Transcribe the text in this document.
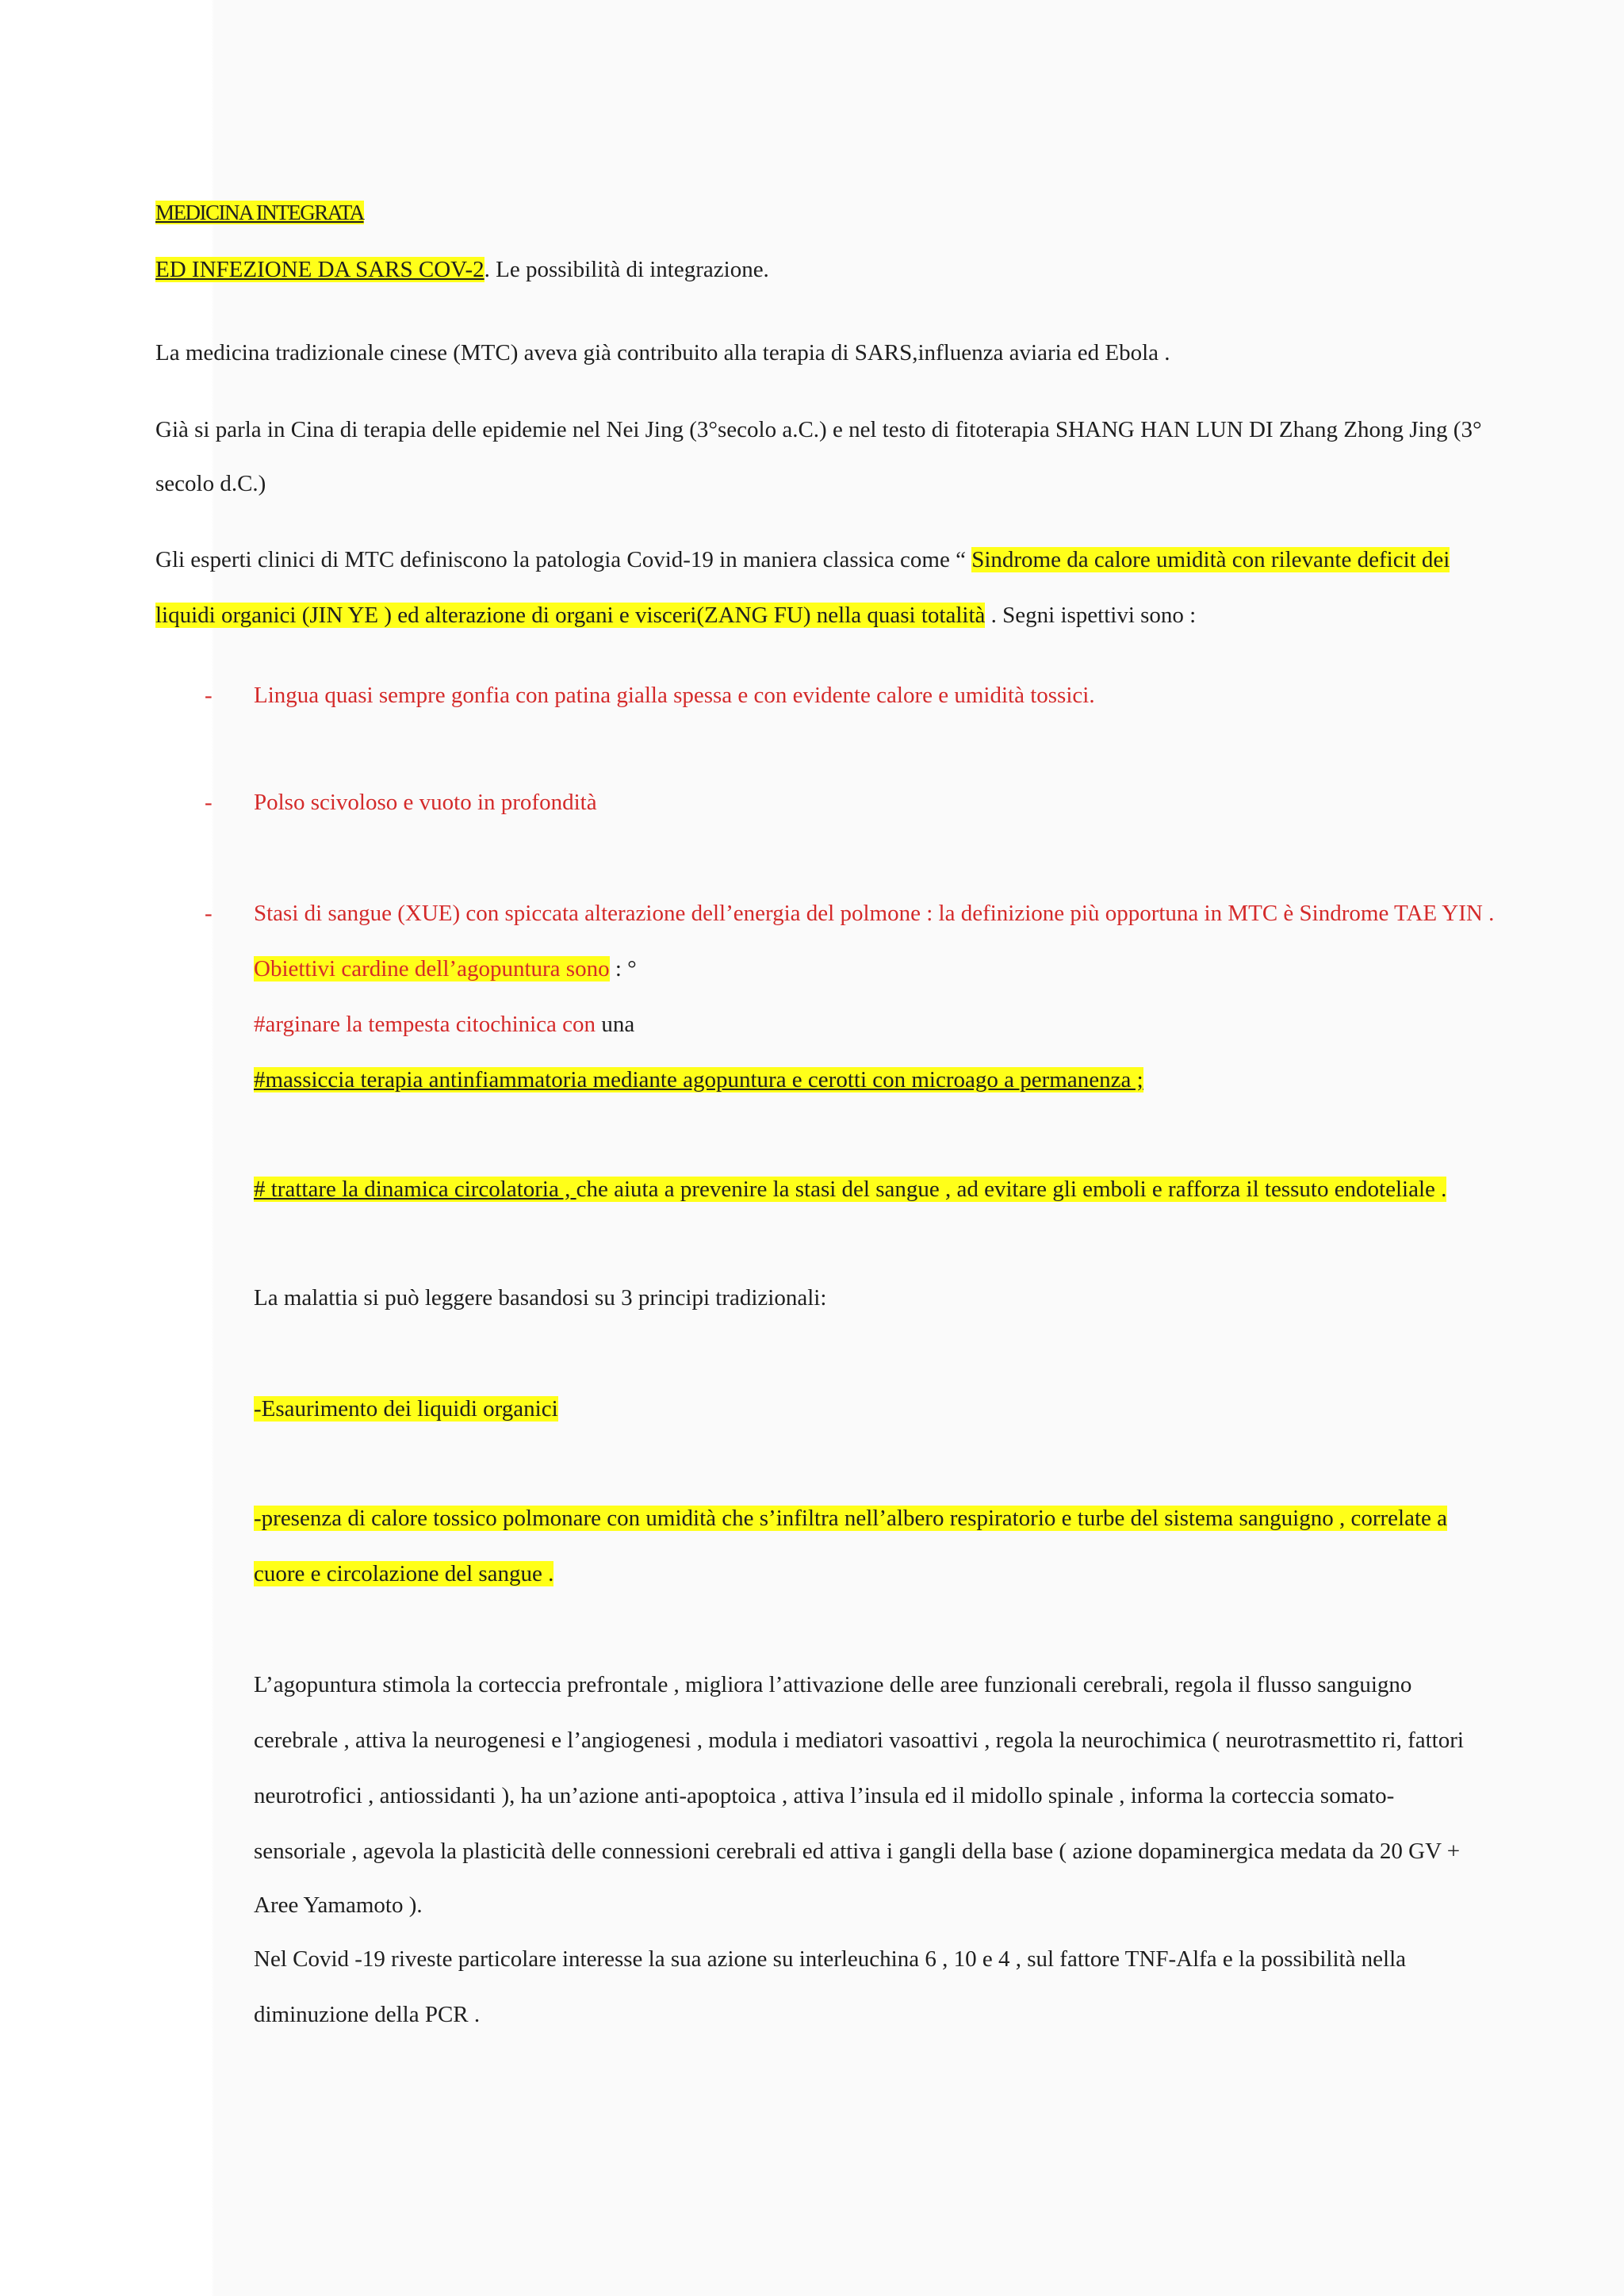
MEDICINA INTEGRATA
ED INFEZIONE DA SARS COV-2. Le possibilità di integrazione.
La medicina tradizionale cinese (MTC) aveva già contribuito alla terapia di SARS,influenza aviaria ed Ebola .
Già si parla in Cina di terapia delle epidemie nel Nei Jing (3°secolo a.C.) e nel testo di fitoterapia SHANG HAN LUN DI Zhang Zhong Jing (3°
secolo d.C.)
Gli esperti clinici di MTC definiscono la patologia Covid-19 in maniera classica come “ Sindrome da calore umidità con rilevante deficit dei
liquidi organici (JIN YE ) ed alterazione di organi e visceri(ZANG FU) nella quasi totalità . Segni ispettivi sono :
- Lingua quasi sempre gonfia con patina gialla spessa e con evidente calore e umidità tossici.
- Polso scivoloso e vuoto in profondità
- Stasi di sangue (XUE) con spiccata alterazione dell’energia del polmone : la definizione più opportuna in MTC è Sindrome TAE YIN .
Obiettivi cardine dell’agopuntura sono : °
#arginare la tempesta citochinica con una
#massiccia terapia antinfiammatoria mediante agopuntura e cerotti con microago a permanenza ;
# trattare la dinamica circolatoria , che aiuta a prevenire la stasi del sangue , ad evitare gli emboli e rafforza il tessuto endoteliale .
La malattia si può leggere basandosi su 3 principi tradizionali:
-Esaurimento dei liquidi organici
-presenza di calore tossico polmonare con umidità che s’infiltra nell’albero respiratorio e turbe del sistema sanguigno , correlate a
cuore e circolazione del sangue .
L’agopuntura stimola la corteccia prefrontale , migliora l’attivazione delle aree funzionali cerebrali, regola il flusso sanguigno
cerebrale , attiva la neurogenesi e l’angiogenesi , modula i mediatori vasoattivi , regola la neurochimica ( neurotrasmettito ri, fattori
neurotrofici , antiossidanti ), ha un’azione anti-apoptoica , attiva l’insula ed il midollo spinale , informa la corteccia somato-
sensoriale , agevola la plasticità delle connessioni cerebrali ed attiva i gangli della base ( azione dopaminergica medata da 20 GV +
Aree Yamamoto ).
Nel Covid -19 riveste particolare interesse la sua azione su interleuchina 6 , 10 e 4 , sul fattore TNF-Alfa e la possibilità nella
diminuzione della PCR .
